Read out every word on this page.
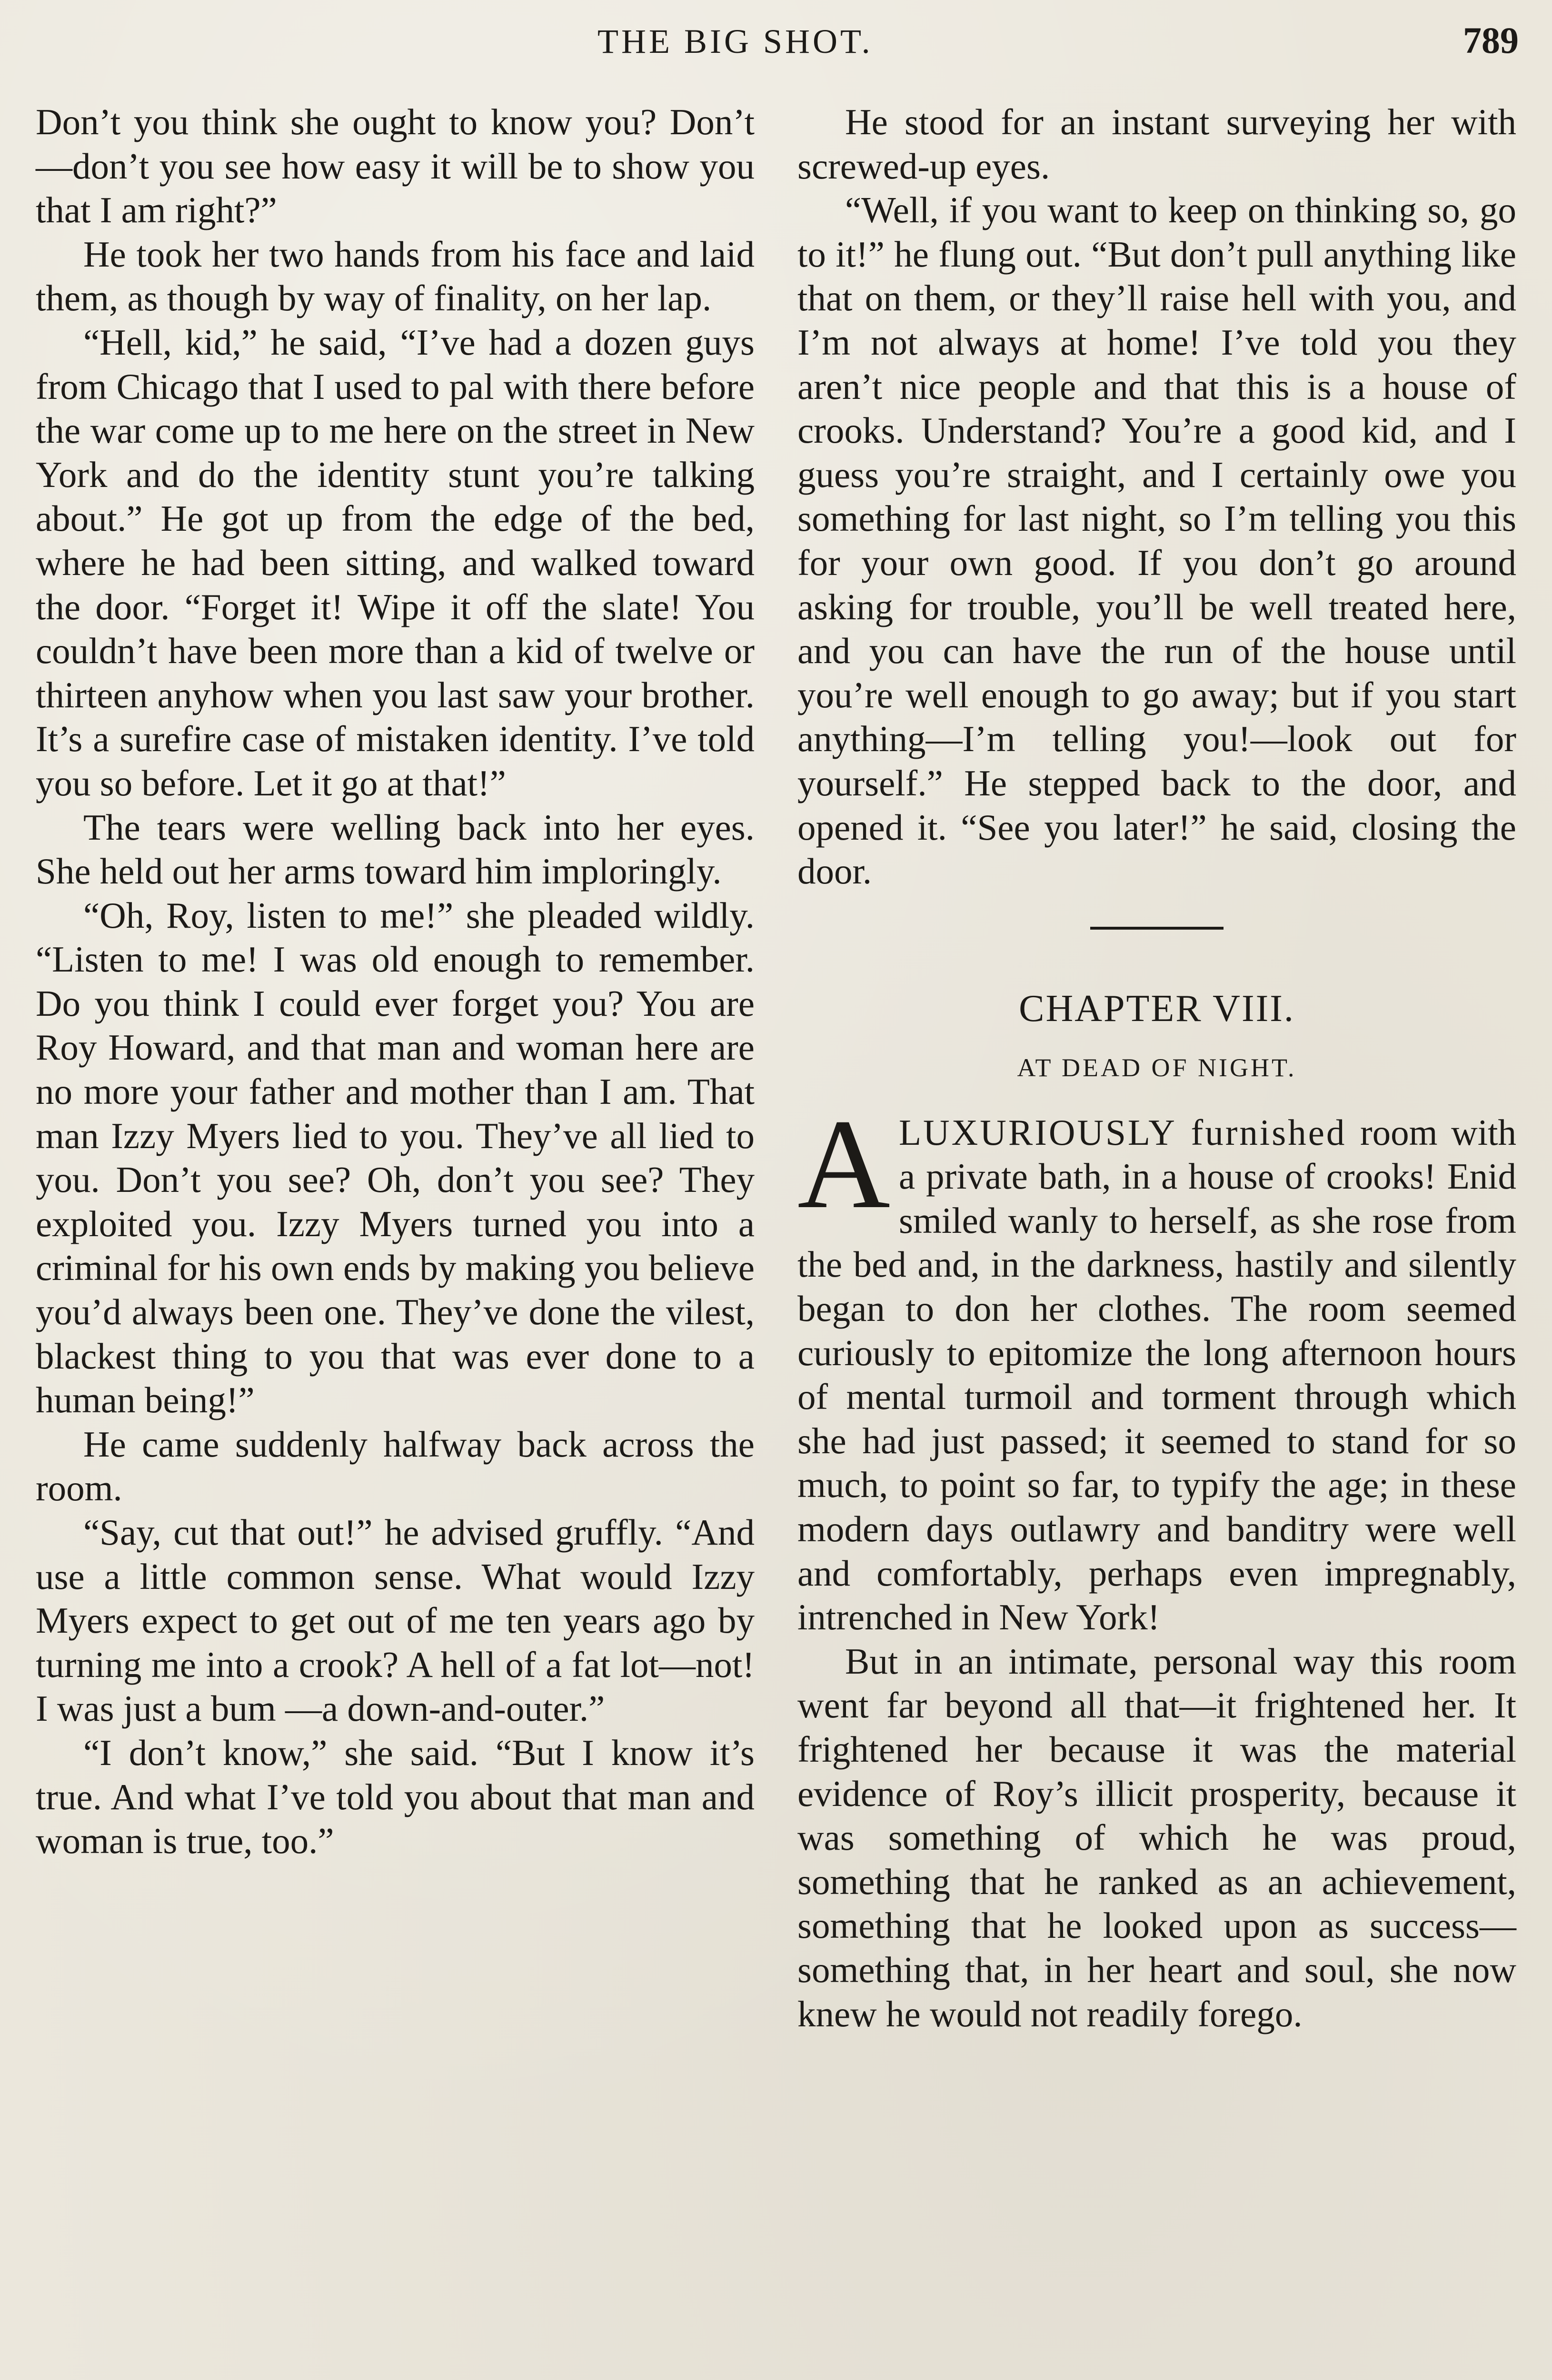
THE BIG SHOT.	789

Don’t you think she ought to know you? Don’t—don’t you see how easy it will be to show you that I am right?”

He took her two hands from his face and laid them, as though by way of finality, on her lap.

“Hell, kid,” he said, “I’ve had a dozen guys from Chicago that I used to pal with there before the war come up to me here on the street in New York and do the identity stunt you’re talking about.” He got up from the edge of the bed, where he had been sitting, and walked toward the door. “Forget it! Wipe it off the slate! You couldn’t have been more than a kid of twelve or thirteen anyhow when you last saw your brother. It’s a surefire case of mistaken identity. I’ve told you so before. Let it go at that!”

The tears were welling back into her eyes. She held out her arms toward him imploringly.

“Oh, Roy, listen to me!” she pleaded wildly. “Listen to me! I was old enough to remember. Do you think I could ever forget you? You are Roy Howard, and that man and woman here are no more your father and mother than I am. That man Izzy Myers lied to you. They’ve all lied to you. Don’t you see? Oh, don’t you see? They exploited you. Izzy Myers turned you into a criminal for his own ends by making you believe you’d always been one. They’ve done the vilest, blackest thing to you that was ever done to a human being!”

He came suddenly halfway back across the room.

“Say, cut that out!” he advised gruffly. “And use a little common sense. What would Izzy Myers expect to get out of me ten years ago by turning me into a crook? A hell of a fat lot—not! I was just a bum —a down-and-outer.”

“I don’t know,” she said. “But I know it’s true. And what I’ve told you about that man and woman is true, too.”

He stood for an instant surveying her with screwed-up eyes.

“Well, if you want to keep on thinking so, go to it!” he flung out. “But don’t pull anything like that on them, or they’ll raise hell with you, and I’m not always at home! I’ve told you they aren’t nice people and that this is a house of crooks. Understand? You’re a good kid, and I guess you’re straight, and I certainly owe you something for last night, so I’m telling you this for your own good. If you don’t go around asking for trouble, you’ll be well treated here, and you can have the run of the house until you’re well enough to go away; but if you start anything—I’m telling you!—look out for yourself.” He stepped back to the door, and opened it. “See you later!” he said, closing the door.

CHAPTER VIII.
AT DEAD OF NIGHT.

ALUXURIOUSLY furnished room with a private bath, in a house of crooks! Enid smiled wanly to herself, as she rose from the bed and, in the darkness, hastily and silently began to don her clothes. The room seemed curiously to epitomize the long afternoon hours of mental turmoil and torment through which she had just passed; it seemed to stand for so much, to point so far, to typify the age; in these modern days outlawry and banditry were well and comfortably, perhaps even impregnably, intrenched in New York!

But in an intimate, personal way this room went far beyond all that—it frightened her. It frightened her because it was the material evidence of Roy’s illicit prosperity, because it was something of which he was proud, something that he ranked as an achievement, something that he looked upon as success—something that, in her heart and soul, she now knew he would not readily forego.
